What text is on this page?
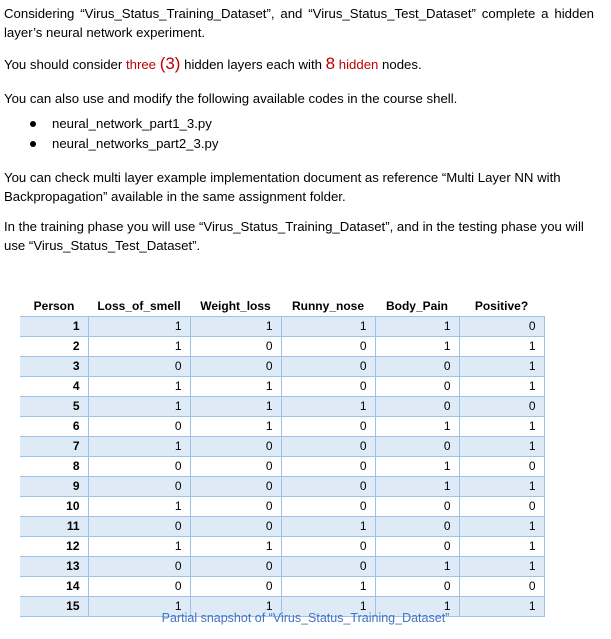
Considering “Virus_Status_Training_Dataset”, and “Virus_Status_Test_Dataset” complete a hidden layer’s neural network experiment.

You should consider three (3) hidden layers each with 8 hidden nodes.

You can also use and modify the following available codes in the course shell.

neural_network_part1_3.py
neural_networks_part2_3.py

You can check multi layer example implementation document as reference “Multi Layer NN with Backpropagation” available in the same assignment folder.

In the training phase you will use “Virus_Status_Training_Dataset”, and in the testing phase you will use “Virus_Status_Test_Dataset”.

Person	Loss_of_smell	Weight_loss	Runny_nose	Body_Pain	Positive?
1	1	1	1	1	0
2	1	0	0	1	1
3	0	0	0	0	1
4	1	1	0	0	1
5	1	1	1	0	0
6	0	1	0	1	1
7	1	0	0	0	1
8	0	0	0	1	0
9	0	0	0	1	1
10	1	0	0	0	0
11	0	0	1	0	1
12	1	1	0	0	1
13	0	0	0	1	1
14	0	0	1	0	0
15	1	1	1	1	1
Partial snapshot of “Virus_Status_Training_Dataset”
